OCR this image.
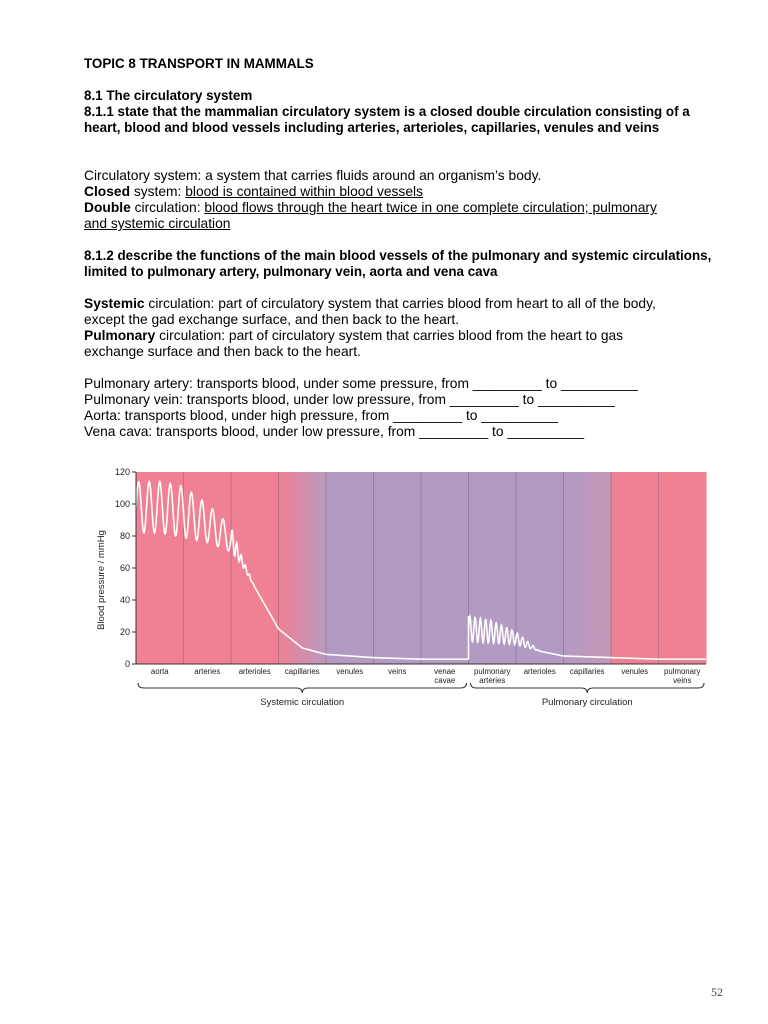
TOPIC 8 TRANSPORT IN MAMMALS

8.1 The circulatory system

8.1.1 state that the mammalian circulatory system is a closed double circulation consisting of a heart, blood and blood vessels including arteries, arterioles, capillaries, venules and veins

Circulatory system: a system that carries fluids around an organism’s body.

Closed system: blood is contained within blood vessels

Double circulation: blood flows through the heart twice in one complete circulation; pulmonary

and systemic circulation

8.1.2 describe the functions of the main blood vessels of the pulmonary and systemic circulations, limited to pulmonary artery, pulmonary vein, aorta and vena cava

Systemic circulation: part of circulatory system that carries blood from heart to all of the body,

except the gad exchange surface, and then back to the heart.

Pulmonary circulation: part of circulatory system that carries blood from the heart to gas

exchange surface and then back to the heart.

Pulmonary artery: transports blood, under some pressure, from _________ to __________

Pulmonary vein: transports blood, under low pressure, from _________ to __________

Aorta: transports blood, under high pressure, from _________ to __________

Vena cava: transports blood, under low pressure, from _________ to __________

0
20
40
60
80
100
120
aorta	arteries arterioles capillaries venules	veins	venae cavae
pulmonary arteries
arterioles capillaries venules pulmonary veins
Systemic circulation	Pulmonary circulation
Blood pressure / mmHg
52
